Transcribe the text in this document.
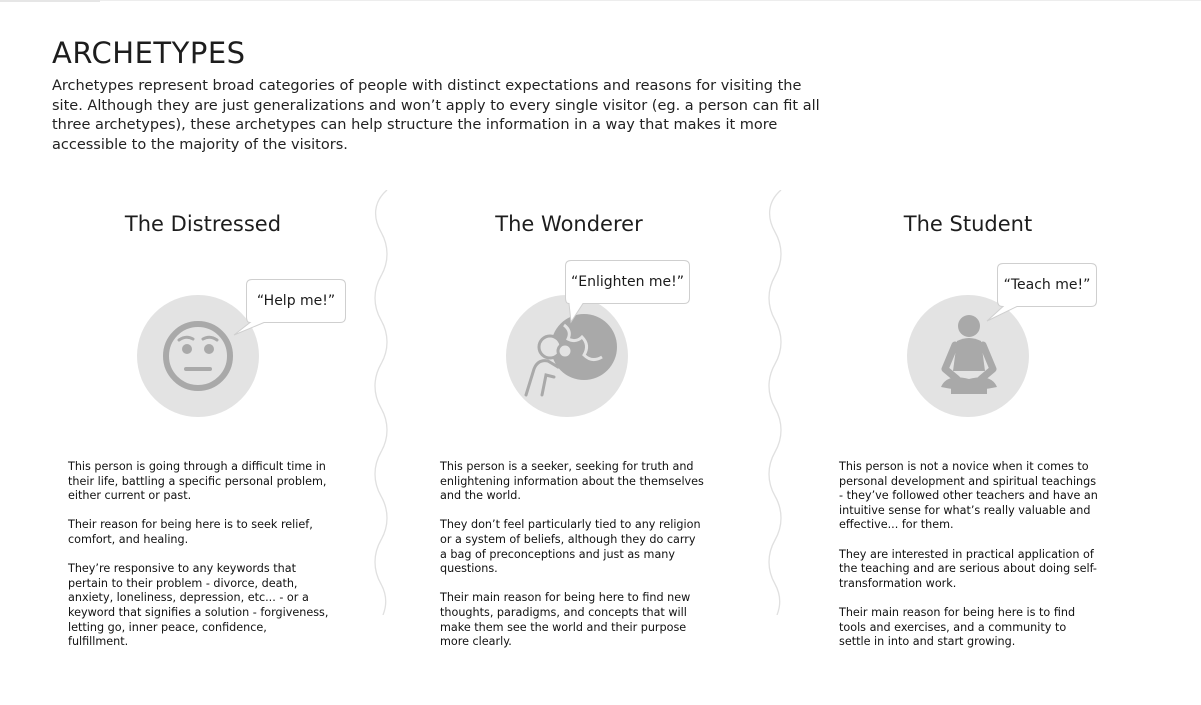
ARCHETYPES

Archetypes represent broad categories of people with distinct expectations and reasons for visiting the site. Although they are just generalizations and won’t apply to every single visitor (eg. a person can fit all three archetypes), these archetypes can help structure the information in a way that makes it more accessible to the majority of the visitors.

The Distressed
“Help me!”

This person is going through a difficult time in their life, battling a specific personal problem, either current or past.

Their reason for being here is to seek relief, comfort, and healing.

They’re responsive to any keywords that pertain to their problem - divorce, death, anxiety, loneliness, depression, etc... - or a keyword that signifies a solution - forgiveness, letting go, inner peace, confidence, fulfillment.

The Wonderer
“Enlighten me!”

This person is a seeker, seeking for truth and enlightening information about the themselves and the world.

They don’t feel particularly tied to any religion or a system of beliefs, although they do carry a bag of preconceptions and just as many questions.

Their main reason for being here to find new thoughts, paradigms, and concepts that will make them see the world and their purpose more clearly.

The Student
“Teach me!”

This person is not a novice when it comes to personal development and spiritual teachings - they’ve followed other teachers and have an intuitive sense for what’s really valuable and effective... for them.

They are interested in practical application of the teaching and are serious about doing self-transformation work.

Their main reason for being here is to find tools and exercises, and a community to settle in into and start growing.
